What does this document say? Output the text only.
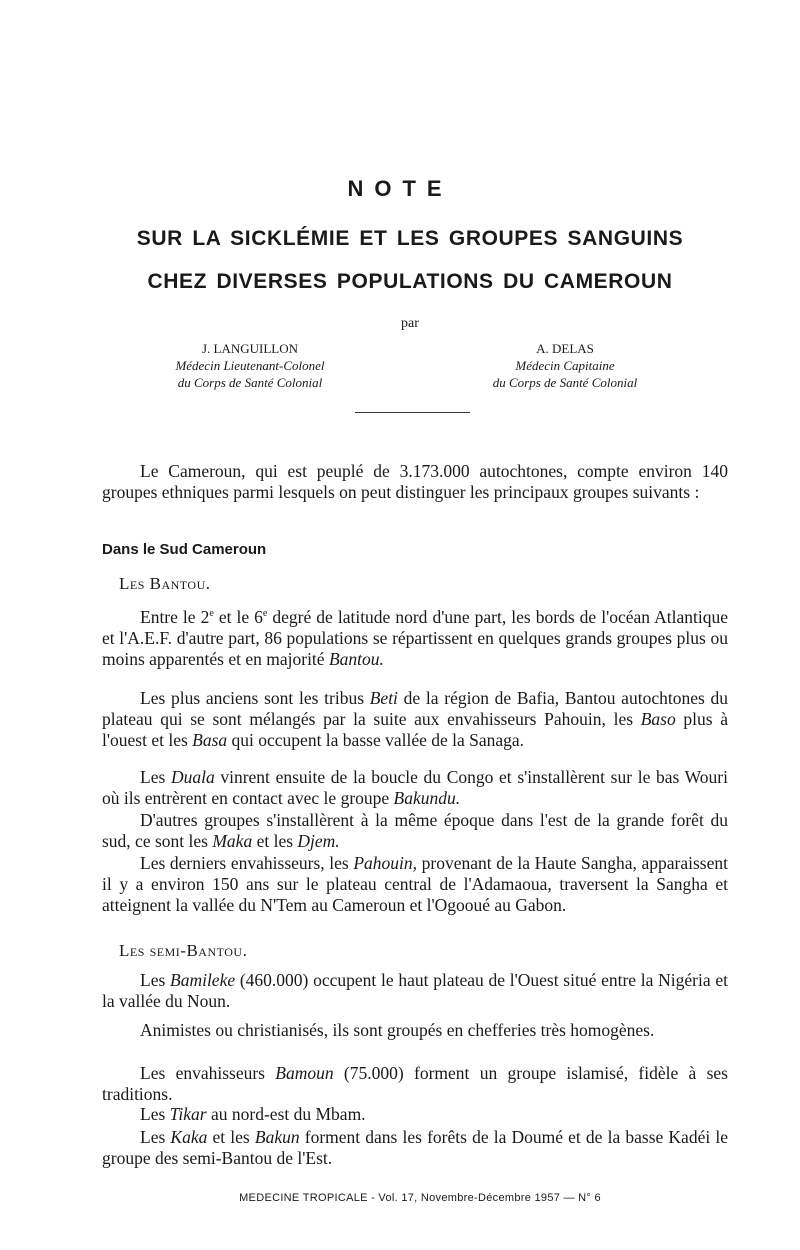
NOTE
SUR LA SICKLÉMIE ET LES GROUPES SANGUINS
CHEZ DIVERSES POPULATIONS DU CAMEROUN
par
J. LANGUILLON
Médecin Lieutenant-Colonel
du Corps de Santé Colonial
A. DELAS
Médecin Capitaine
du Corps de Santé Colonial

Le Cameroun, qui est peuplé de 3.173.000 autochtones, compte environ 140 groupes ethniques parmi lesquels on peut distinguer les principaux groupes suivants :

Dans le Sud Cameroun
Les Bantou.

Entre le 2e et le 6e degré de latitude nord d'une part, les bords de l'océan Atlantique et l'A.E.F. d'autre part, 86 populations se répartissent en quelques grands groupes plus ou moins apparentés et en majorité Bantou.

Les plus anciens sont les tribus Beti de la région de Bafia, Bantou autochtones du plateau qui se sont mélangés par la suite aux envahisseurs Pahouin, les Baso plus à l'ouest et les Basa qui occupent la basse vallée de la Sanaga.

Les Duala vinrent ensuite de la boucle du Congo et s'installèrent sur le bas Wouri où ils entrèrent en contact avec le groupe Bakundu.

D'autres groupes s'installèrent à la même époque dans l'est de la grande forêt du sud, ce sont les Maka et les Djem.

Les derniers envahisseurs, les Pahouin, provenant de la Haute Sangha, apparaissent il y a environ 150 ans sur le plateau central de l'Adamaoua, traversent la Sangha et atteignent la vallée du N'Tem au Cameroun et l'Ogooué au Gabon.

Les semi-Bantou.

Les Bamileke (460.000) occupent le haut plateau de l'Ouest situé entre la Nigéria et la vallée du Noun.

Animistes ou christianisés, ils sont groupés en chefferies très homogènes.

Les envahisseurs Bamoun (75.000) forment un groupe islamisé, fidèle à ses traditions.

Les Tikar au nord-est du Mbam.

Les Kaka et les Bakun forment dans les forêts de la Doumé et de la basse Kadéi le groupe des semi-Bantou de l'Est.

MEDECINE TROPICALE - Vol. 17, Novembre-Décembre 1957 — N° 6
